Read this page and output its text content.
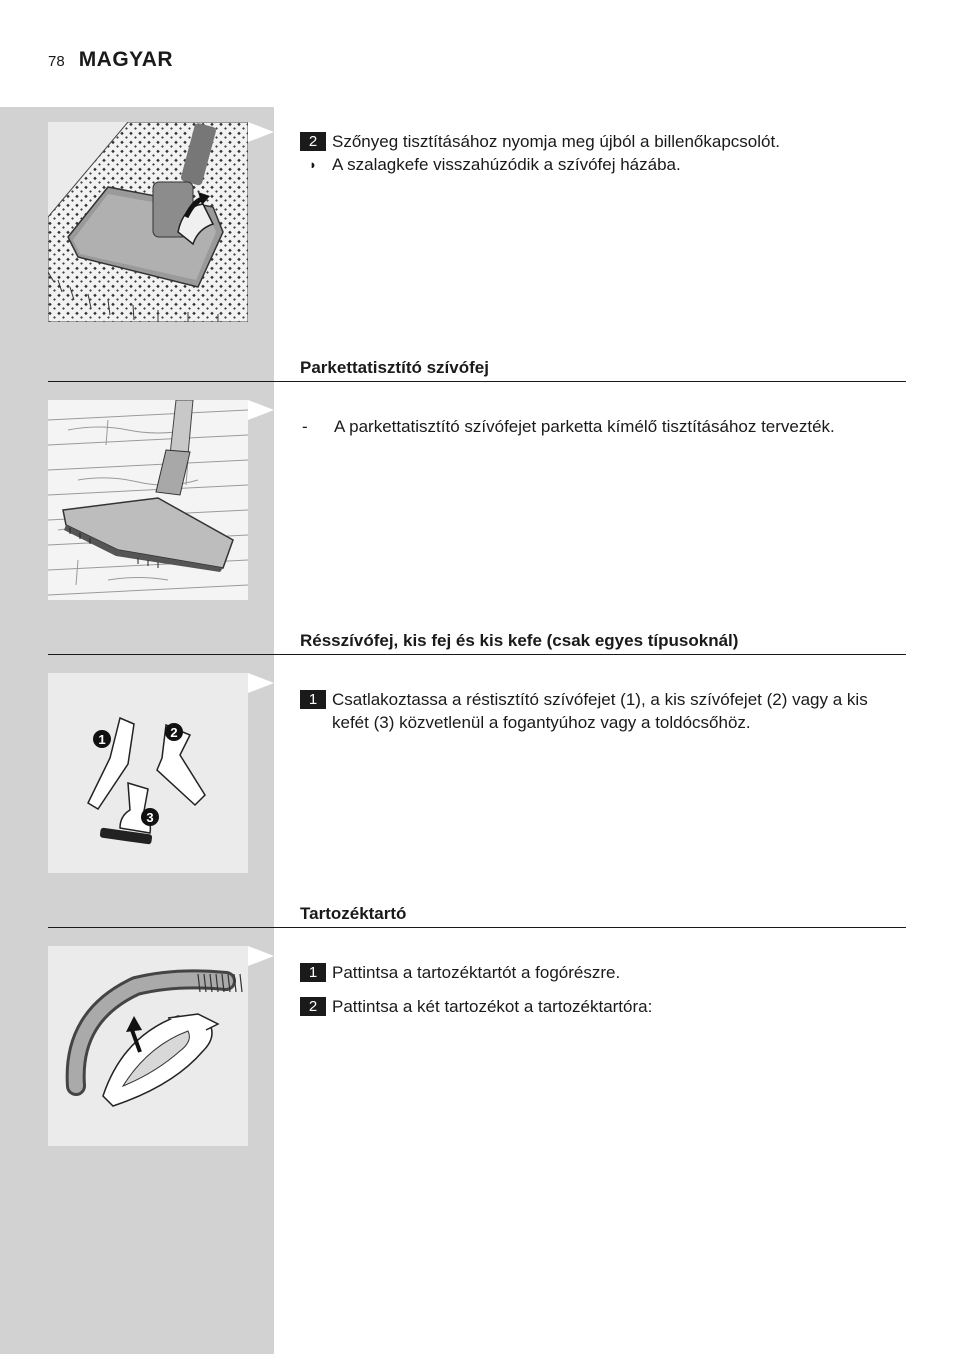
78 MAGYAR
2 Szőnyeg tisztításához nyomja meg újból a billenőkapcsolót.
◗ A szalagkefe visszahúzódik a szívófej házába.
Parkettatisztító szívófej
-	A parkettatisztító szívófejet parketta kímélő tisztításához tervezték.
Résszívófej, kis fej és kis kefe (csak egyes típusoknál)
1	2
3
1 Csatlakoztassa a réstisztító szívófejet (1), a kis szívófejet (2) vagy a kis kefét (3) közvetlenül a fogantyúhoz vagy a toldócsőhöz.
Tartozéktartó
1 Pattintsa a tartozéktartót a fogórészre.
2 Pattintsa a két tartozékot a tartozéktartóra:
